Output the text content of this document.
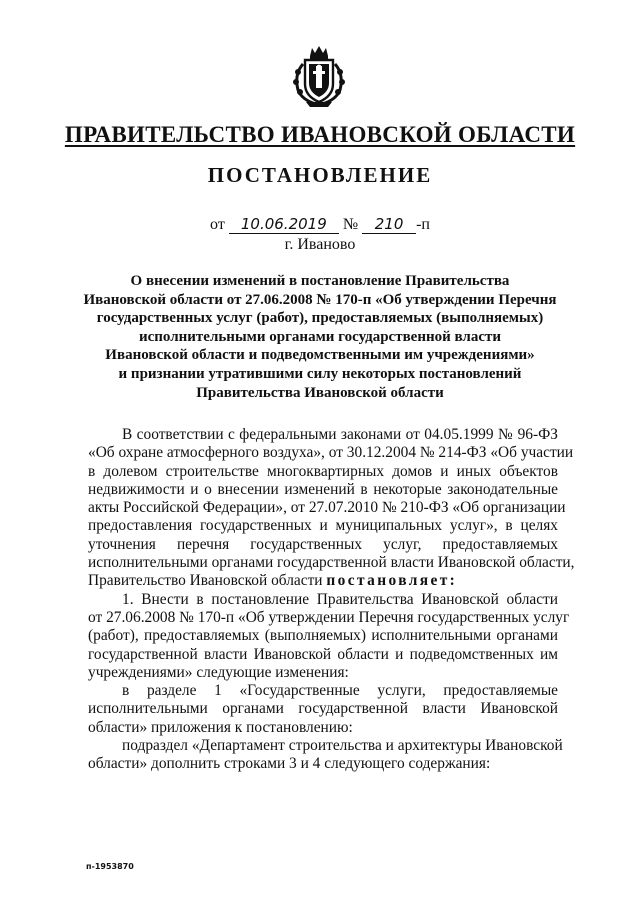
ПРАВИТЕЛЬСТВО ИВАНОВСКОЙ ОБЛАСТИ
ПОСТАНОВЛЕНИЕ
от 10.06.2019 № 210 -п
г. Иваново
О внесении изменений в постановление Правительства
Ивановской области от 27.06.2008 № 170-п «Об утверждении Перечня
государственных услуг (работ), предоставляемых (выполняемых)
исполнительными органами государственной власти
Ивановской области и подведомственными им учреждениями»
и признании утратившими силу некоторых постановлений
Правительства Ивановской области
В соответствии с федеральными законами от 04.05.1999 № 96-ФЗ
«Об охране атмосферного воздуха», от 30.12.2004 № 214-ФЗ «Об участии
в долевом строительстве многоквартирных домов и иных объектов
недвижимости и о внесении изменений в некоторые законодательные
акты Российской Федерации», от 27.07.2010 № 210-ФЗ «Об организации
предоставления государственных и муниципальных услуг», в целях
уточнения перечня государственных услуг, предоставляемых
исполнительными органами государственной власти Ивановской области,
Правительство Ивановской области постановляет:
1. Внести в постановление Правительства Ивановской области
от 27.06.2008 № 170-п «Об утверждении Перечня государственных услуг
(работ), предоставляемых (выполняемых) исполнительными органами
государственной власти Ивановской области и подведомственных им
учреждениями» следующие изменения:
в разделе 1 «Государственные услуги, предоставляемые
исполнительными органами государственной власти Ивановской
области» приложения к постановлению:
подраздел «Департамент строительства и архитектуры Ивановской
области» дополнить строками 3 и 4 следующего содержания:
п-1953870
